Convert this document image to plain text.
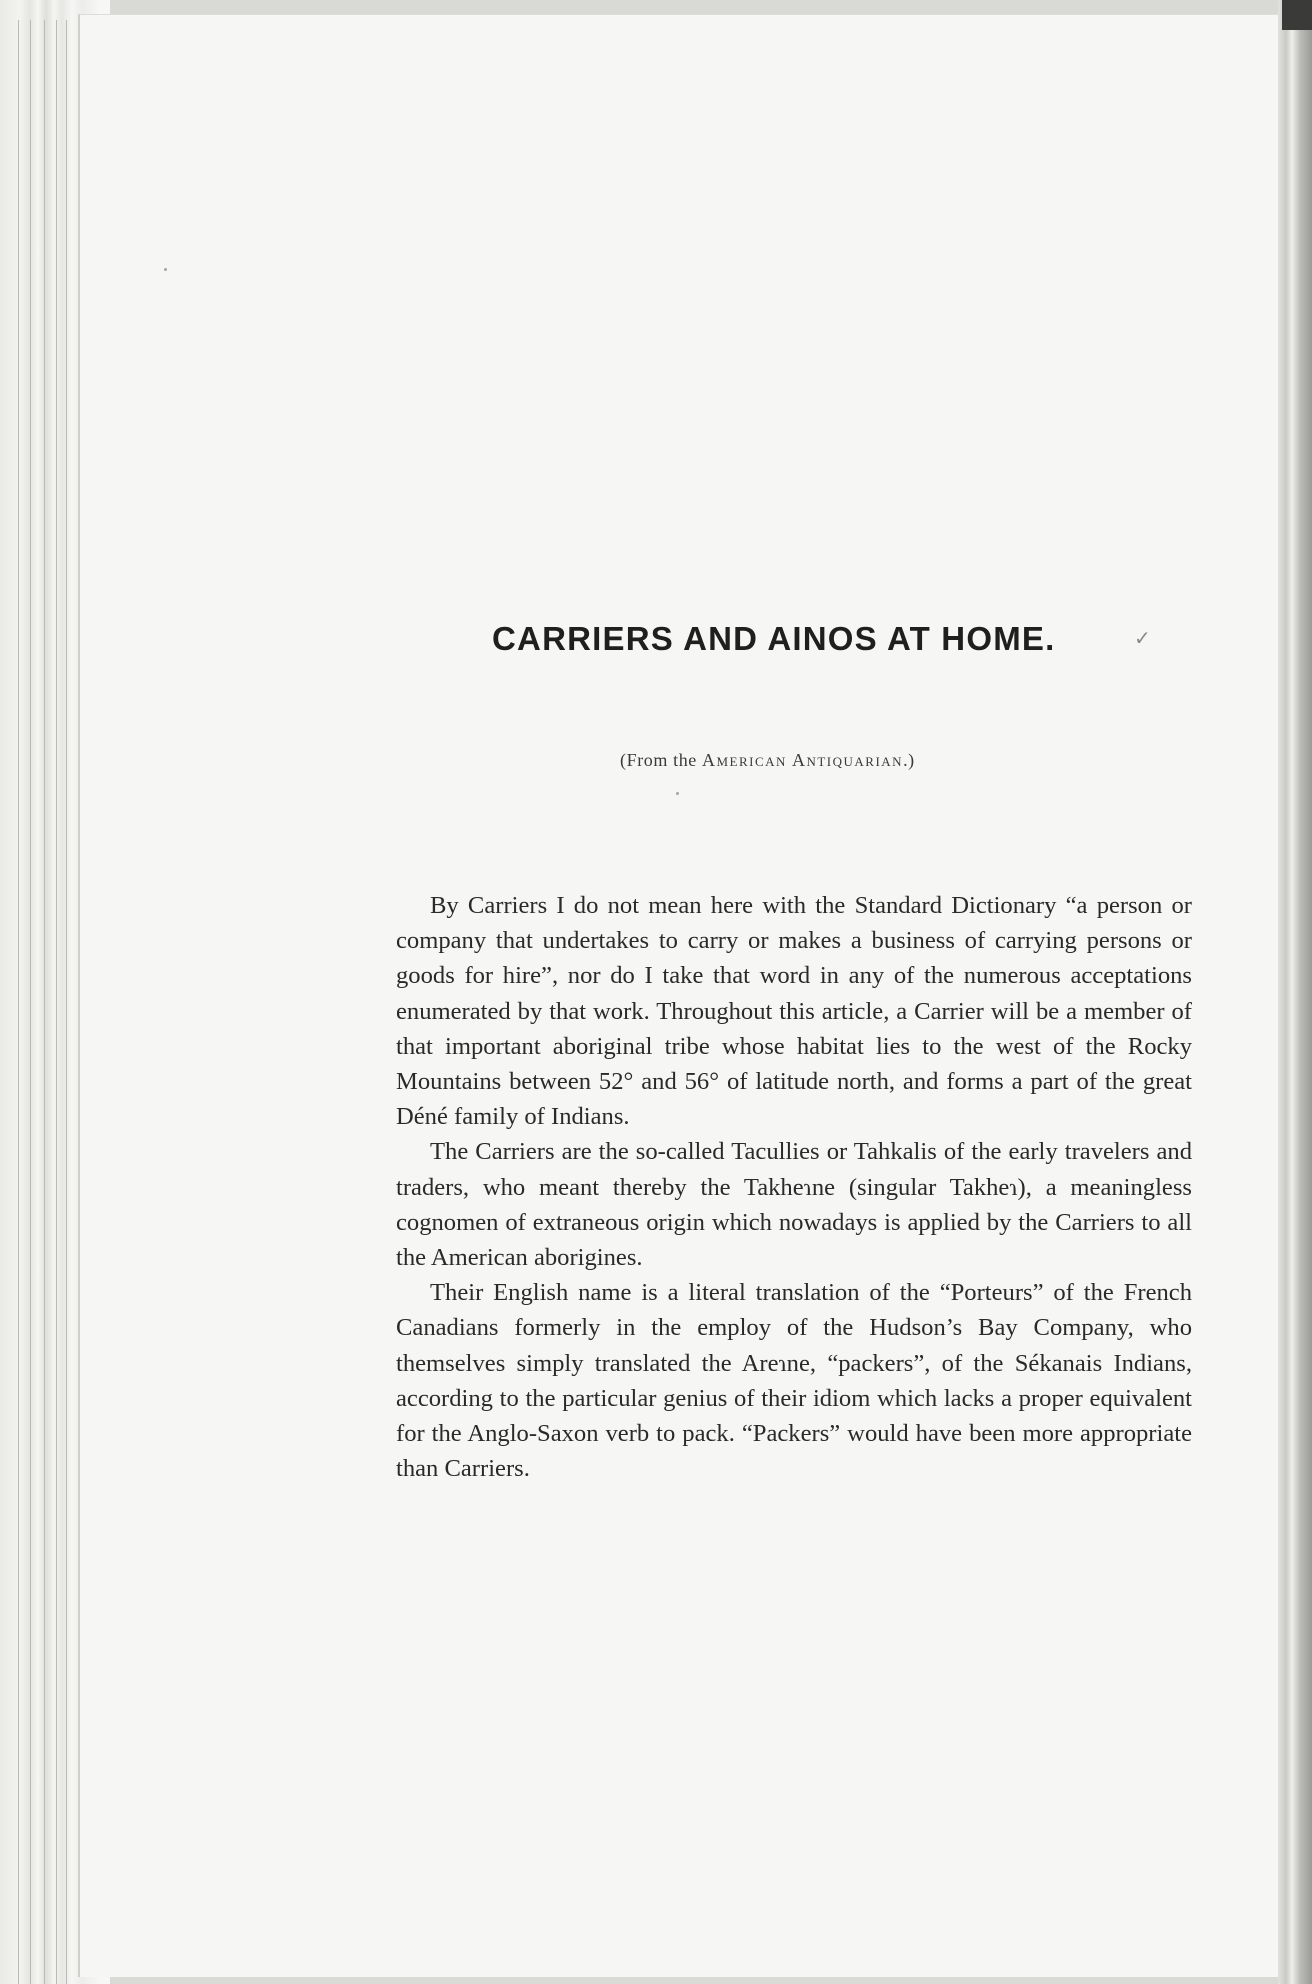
CARRIERS AND AINOS AT HOME.	✓

(From the American Antiquarian.)

By Carriers I do not mean here with the Standard Dictionary “a person or company that undertakes to carry or makes a business of carrying persons or goods for hire”, nor do I take that word in any of the numerous acceptations enumerated by that work. Throughout this article, a Carrier will be a member of that important aboriginal tribe whose habitat lies to the west of the Rocky Mountains between 52° and 56° of latitude north, and forms a part of the great Déné family of Indians.

The Carriers are the so-called Tacullies or Tahkalis of the early travelers and traders, who meant thereby the Takheɿne (singular Takheɿ), a meaningless cognomen of extraneous origin which nowadays is applied by the Carriers to all the American aborigines.

Their English name is a literal translation of the “Porteurs” of the French Canadians formerly in the employ of the Hudson’s Bay Company, who themselves simply translated the Areɿne, “packers”, of the Sékanais Indians, according to the particular genius of their idiom which lacks a proper equivalent for the Anglo-Saxon verb to pack. “Packers” would have been more appropriate than Carriers.
